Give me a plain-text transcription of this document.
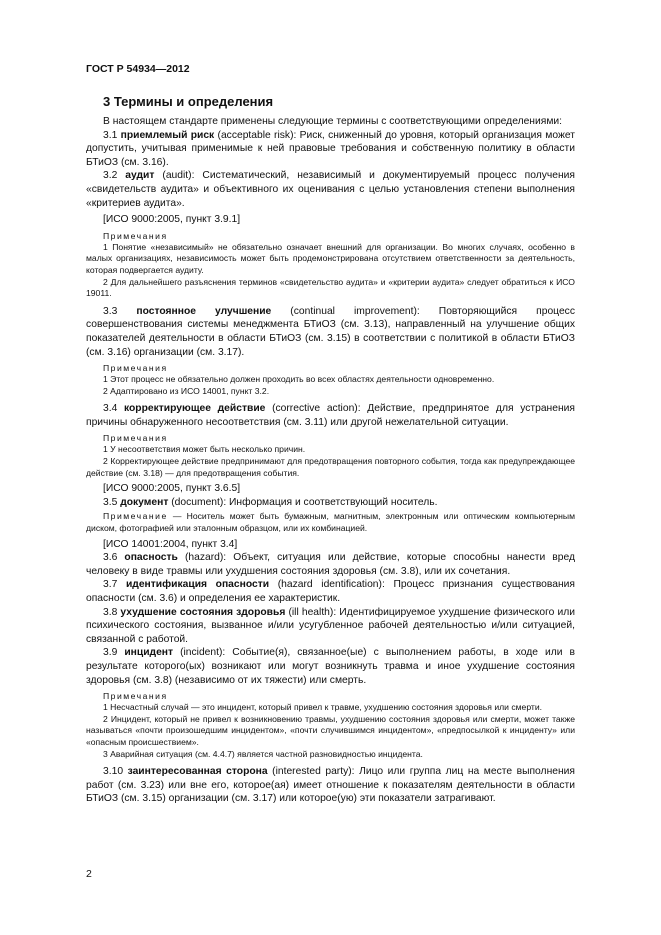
ГОСТ Р 54934—2012
3 Термины и определения

В настоящем стандарте применены следующие термины с соответствующими определениями:

3.1 приемлемый риск (acceptable risk): Риск, сниженный до уровня, который организация может допустить, учитывая применимые к ней правовые требования и собственную политику в области БТиОЗ (см. 3.16).

3.2 аудит (audit): Систематический, независимый и документируемый процесс получения «свидетельств аудита» и объективного их оценивания с целью установления степени выполнения «критериев аудита».

[ИСО 9000:2005, пункт 3.9.1]
Примечания

1 Понятие «независимый» не обязательно означает внешний для организации. Во многих случаях, особенно в малых организациях, независимость может быть продемонстрирована отсутствием ответственности за деятельность, которая подвергается аудиту.

2 Для дальнейшего разъяснения терминов «свидетельство аудита» и «критерии аудита» следует обратиться к ИСО 19011.

3.3 постоянное улучшение (continual improvement): Повторяющийся процесс совершенствования системы менеджмента БТиОЗ (см. 3.13), направленный на улучшение общих показателей деятельности в области БТиОЗ (см. 3.15) в соответствии с политикой в области БТиОЗ (см. 3.16) организации (см. 3.17).

Примечания

1 Этот процесс не обязательно должен проходить во всех областях деятельности одновременно.

2 Адаптировано из ИСО 14001, пункт 3.2.

3.4 корректирующее действие (corrective action): Действие, предпринятое для устранения причины обнаруженного несоответствия (см. 3.11) или другой нежелательной ситуации.

Примечания

1 У несоответствия может быть несколько причин.

2 Корректирующее действие предпринимают для предотвращения повторного события, тогда как предупреждающее действие (см. 3.18) — для предотвращения события.

[ИСО 9000:2005, пункт 3.6.5]

3.5 документ (document): Информация и соответствующий носитель.

Примечание — Носитель может быть бумажным, магнитным, электронным или оптическим компьютерным диском, фотографией или эталонным образцом, или их комбинацией.

[ИСО 14001:2004, пункт 3.4]

3.6 опасность (hazard): Объект, ситуация или действие, которые способны нанести вред человеку в виде травмы или ухудшения состояния здоровья (см. 3.8), или их сочетания.

3.7 идентификация опасности (hazard identification): Процесс признания существования опасности (см. 3.6) и определения ее характеристик.

3.8 ухудшение состояния здоровья (ill health): Идентифицируемое ухудшение физического или психического состояния, вызванное и/или усугубленное рабочей деятельностью и/или ситуацией, связанной с работой.

3.9 инцидент (incident): Событие(я), связанное(ые) с выполнением работы, в ходе или в результате которого(ых) возникают или могут возникнуть травма и иное ухудшение состояния здоровья (см. 3.8) (независимо от их тяжести) или смерть.

Примечания

1 Несчастный случай — это инцидент, который привел к травме, ухудшению состояния здоровья или смерти.

2 Инцидент, который не привел к возникновению травмы, ухудшению состояния здоровья или смерти, может также называться «почти произошедшим инцидентом», «почти случившимся инцидентом», «предпосылкой к инциденту» или «опасным происшествием».

3 Аварийная ситуация (см. 4.4.7) является частной разновидностью инцидента.

3.10 заинтересованная сторона (interested party): Лицо или группа лиц на месте выполнения работ (см. 3.23) или вне его, которое(ая) имеет отношение к показателям деятельности в области БТиОЗ (см. 3.15) организации (см. 3.17) или которое(ую) эти показатели затрагивают.

2
